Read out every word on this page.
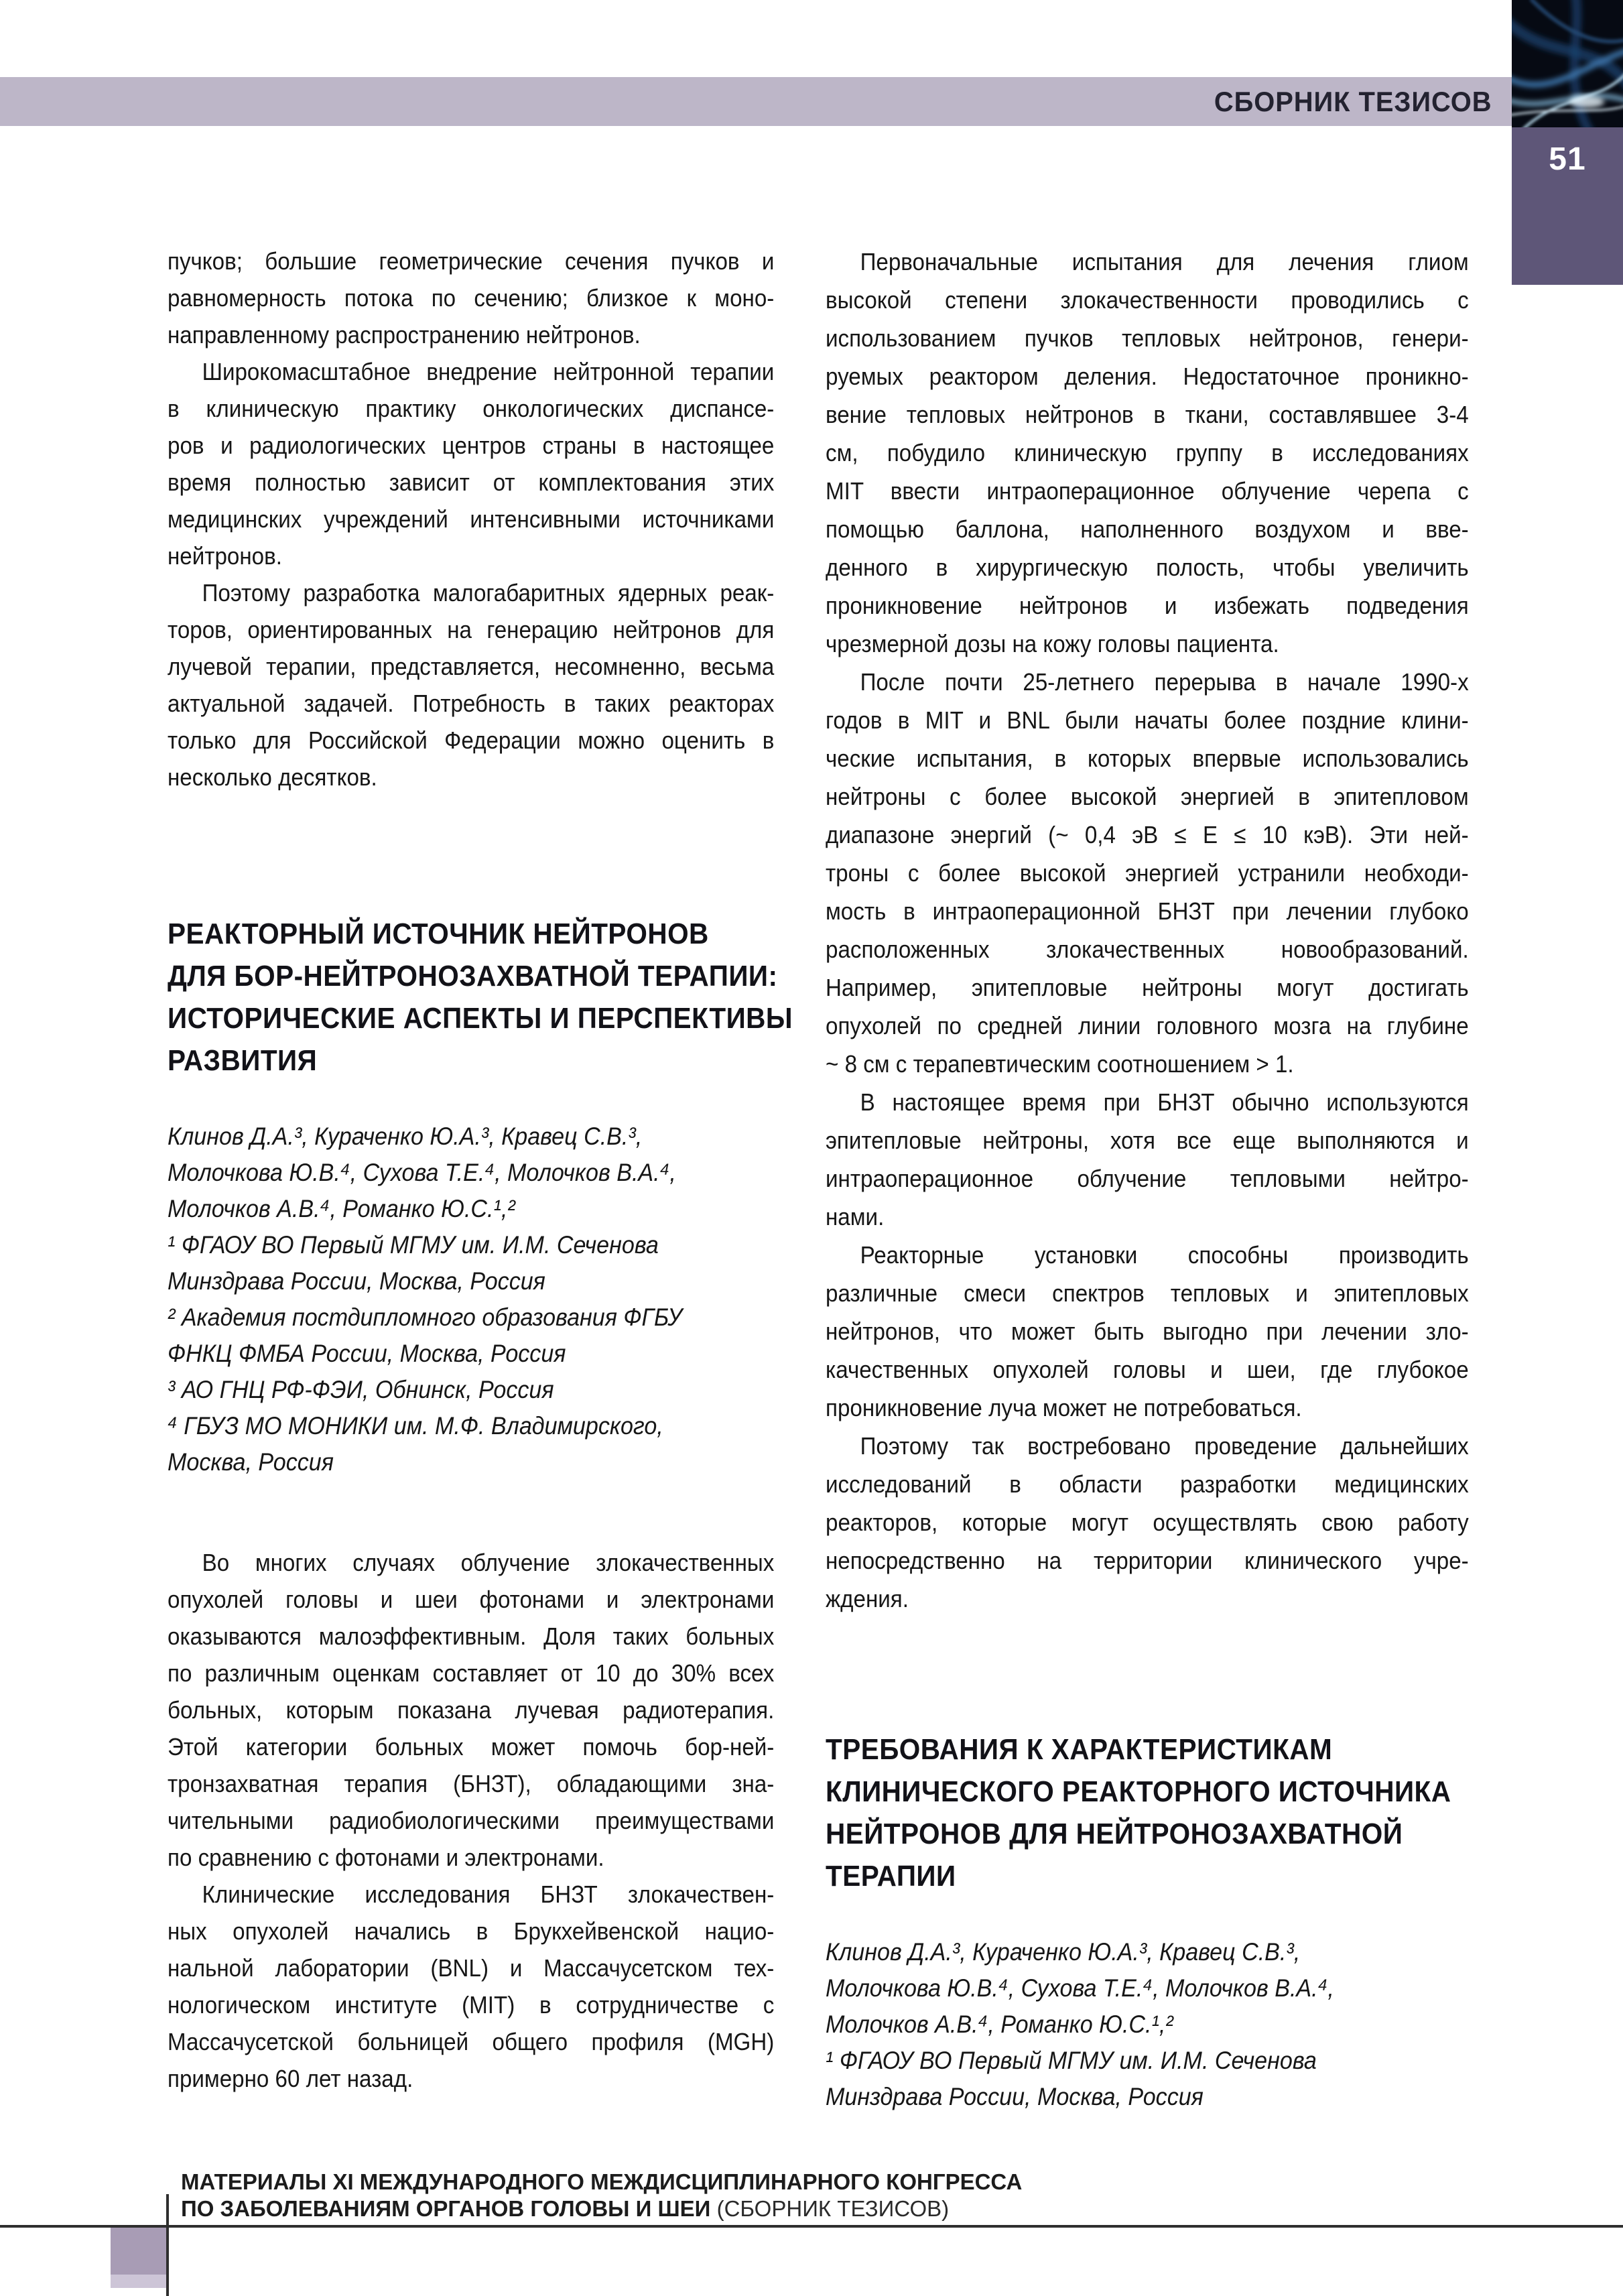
СБОРНИК ТЕЗИСОВ
51
пучков; большие геометрические сечения пучков и
равномерность потока по сечению; близкое к моно-
направленному распространению нейтронов.
Широкомасштабное внедрение нейтронной терапии
в клиническую практику онкологических диспансе-
ров и радиологических центров страны в настоящее
время полностью зависит от комплектования этих
медицинских учреждений интенсивными источниками
нейтронов.
Поэтому разработка малогабаритных ядерных реак-
торов, ориентированных на генерацию нейтронов для
лучевой терапии, представляется, несомненно, весьма
актуальной задачей. Потребность в таких реакторах
только для Российской Федерации можно оценить в
несколько десятков.
РЕАКТОРНЫЙ ИСТОЧНИК НЕЙТРОНОВ
ДЛЯ БОР-НЕЙТРОНОЗАХВАТНОЙ ТЕРАПИИ:
ИСТОРИЧЕСКИЕ АСПЕКТЫ И ПЕРСПЕКТИВЫ
РАЗВИТИЯ
Клинов Д.А.³, Кураченко Ю.А.³, Кравец С.В.³,
Молочкова Ю.В.⁴, Сухова Т.Е.⁴, Молочков В.А.⁴,
Молочков А.В.⁴, Романко Ю.С.¹,²
¹ ФГАОУ ВО Первый МГМУ им. И.М. Сеченова
Минздрава России, Москва, Россия
² Академия постдипломного образования ФГБУ
ФНКЦ ФМБА России, Москва, Россия
³ АО ГНЦ РФ-ФЭИ, Обнинск, Россия
⁴ ГБУЗ МО МОНИКИ им. М.Ф. Владимирского,
Москва, Россия
Во многих случаях облучение злокачественных
опухолей головы и шеи фотонами и электронами
оказываются малоэффективным. Доля таких больных
по различным оценкам составляет от 10 до 30% всех
больных, которым показана лучевая радиотерапия.
Этой категории больных может помочь бор-ней-
тронзахватная терапия (БНЗТ), обладающими зна-
чительными радиобиологическими преимуществами
по сравнению с фотонами и электронами.
Клинические исследования БНЗТ злокачествен-
ных опухолей начались в Брукхейвенской нацио-
нальной лаборатории (BNL) и Массачусетском тех-
нологическом институте (MIT) в сотрудничестве с
Массачусетской больницей общего профиля (MGH)
примерно 60 лет назад.
Первоначальные испытания для лечения глиом
высокой степени злокачественности проводились с
использованием пучков тепловых нейтронов, генери-
руемых реактором деления. Недостаточное проникно-
вение тепловых нейтронов в ткани, составлявшее 3-4
см, побудило клиническую группу в исследованиях
MIT ввести интраоперационное облучение черепа с
помощью баллона, наполненного воздухом и вве-
денного в хирургическую полость, чтобы увеличить
проникновение нейтронов и избежать подведения
чрезмерной дозы на кожу головы пациента.
После почти 25-летнего перерыва в начале 1990-х
годов в MIT и BNL были начаты более поздние клини-
ческие испытания, в которых впервые использовались
нейтроны с более высокой энергией в эпитепловом
диапазоне энергий (~ 0,4 эВ ≤ Е ≤ 10 кэВ). Эти ней-
троны с более высокой энергией устранили необходи-
мость в интраоперационной БНЗТ при лечении глубоко
расположенных злокачественных новообразований.
Например, эпитепловые нейтроны могут достигать
опухолей по средней линии головного мозга на глубине
~ 8 см с терапевтическим соотношением > 1.
В настоящее время при БНЗТ обычно используются
эпитепловые нейтроны, хотя все еще выполняются и
интраоперационное облучение тепловыми нейтро-
нами.
Реакторные установки способны производить
различные смеси спектров тепловых и эпитепловых
нейтронов, что может быть выгодно при лечении зло-
качественных опухолей головы и шеи, где глубокое
проникновение луча может не потребоваться.
Поэтому так востребовано проведение дальнейших
исследований в области разработки медицинских
реакторов, которые могут осуществлять свою работу
непосредственно на территории клинического учре-
ждения.
ТРЕБОВАНИЯ К ХАРАКТЕРИСТИКАМ
КЛИНИЧЕСКОГО РЕАКТОРНОГО ИСТОЧНИКА
НЕЙТРОНОВ ДЛЯ НЕЙТРОНОЗАХВАТНОЙ
ТЕРАПИИ
Клинов Д.А.³, Кураченко Ю.А.³, Кравец С.В.³,
Молочкова Ю.В.⁴, Сухова Т.Е.⁴, Молочков В.А.⁴,
Молочков А.В.⁴, Романко Ю.С.¹,²
¹ ФГАОУ ВО Первый МГМУ им. И.М. Сеченова
Минздрава России, Москва, Россия
МАТЕРИАЛЫ XI МЕЖДУНАРОДНОГО МЕЖДИСЦИПЛИНАРНОГО КОНГРЕССА
ПО ЗАБОЛЕВАНИЯМ ОРГАНОВ ГОЛОВЫ И ШЕИ (СБОРНИК ТЕЗИСОВ)
